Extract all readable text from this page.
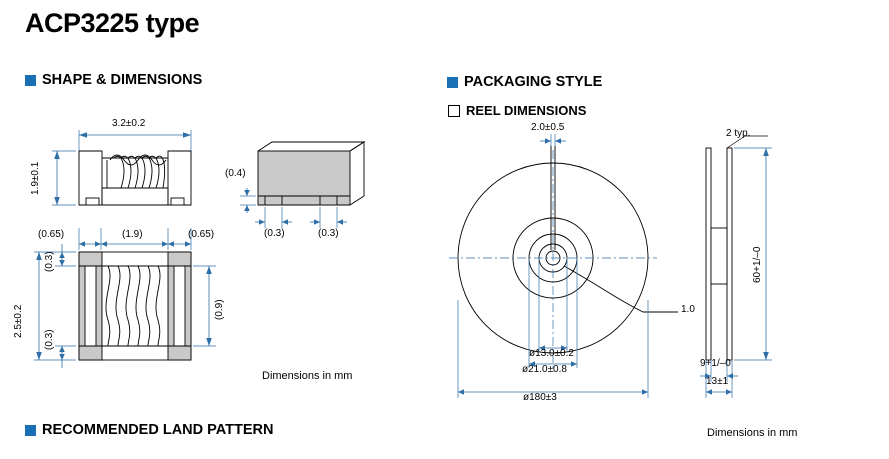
ACP3225 type
SHAPE & DIMENSIONS	PACKAGING STYLE
REEL DIMENSIONS
RECOMMENDED LAND PATTERN
Dimensions in mm
Dimensions in mm
3.2±0.2
1.9±0.1	(0.4)
(0.3)	(0.3)
(0.65)	(1.9)	(0.65)
2.5±0.2
(0.3)
(0.3)
(0.9)
2.0±0.5
1.0
ø13.0±0.2
ø21.0±0.8
ø180±3
2 typ.
60+1/–0
9+1/–0
13±1
